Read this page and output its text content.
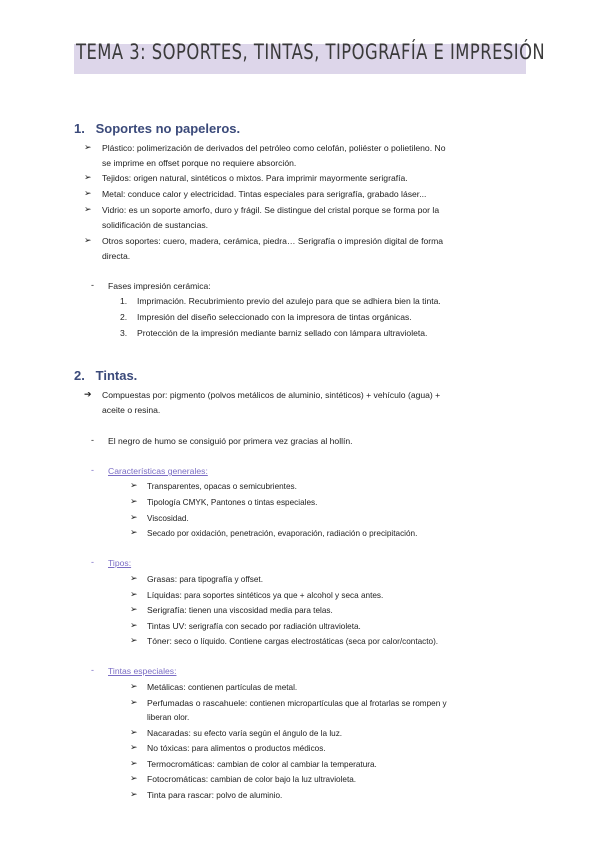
TEMA 3: SOPORTES, TINTAS, TIPOGRAFÍA E IMPRESIÓN
1. Soportes no papeleros.
➢ Plástico: polimerización de derivados del petróleo como celofán, poliéster o polietileno. No
se imprime en offset porque no requiere absorción.
➢ Tejidos: origen natural, sintéticos o mixtos. Para imprimir mayormente serigrafía.
➢ Metal: conduce calor y electricidad. Tintas especiales para serigrafía, grabado láser...
➢ Vidrio: es un soporte amorfo, duro y frágil. Se distingue del cristal porque se forma por la
solidificación de sustancias.
➢ Otros soportes: cuero, madera, cerámica, piedra… Serigrafía o impresión digital de forma
directa.
- Fases impresión cerámica:
1. Imprimación. Recubrimiento previo del azulejo para que se adhiera bien la tinta.
2. Impresión del diseño seleccionado con la impresora de tintas orgánicas.
3. Protección de la impresión mediante barniz sellado con lámpara ultravioleta.
2. Tintas.
➔ Compuestas por: pigmento (polvos metálicos de aluminio, sintéticos) + vehículo (agua) +
aceite o resina.
- El negro de humo se consiguió por primera vez gracias al hollín.
- Características generales:
➢ Transparentes, opacas o semicubrientes.
➢ Tipología CMYK, Pantones o tintas especiales.
➢ Viscosidad.
➢ Secado por oxidación, penetración, evaporación, radiación o precipitación.
- Tipos:
➢ Grasas: para tipografía y offset.
➢ Líquidas: para soportes sintéticos ya que + alcohol y seca antes.
➢ Serigrafía: tienen una viscosidad media para telas.
➢ Tintas UV: serigrafía con secado por radiación ultravioleta.
➢ Tóner: seco o líquido. Contiene cargas electrostáticas (seca por calor/contacto).
- Tintas especiales:
➢ Metálicas: contienen partículas de metal.
➢ Perfumadas o rascahuele: contienen micropartículas que al frotarlas se rompen y
liberan olor.
➢ Nacaradas: su efecto varía según el ángulo de la luz.
➢ No tóxicas: para alimentos o productos médicos.
➢ Termocromáticas: cambian de color al cambiar la temperatura.
➢ Fotocromáticas: cambian de color bajo la luz ultravioleta.
➢ Tinta para rascar: polvo de aluminio.
